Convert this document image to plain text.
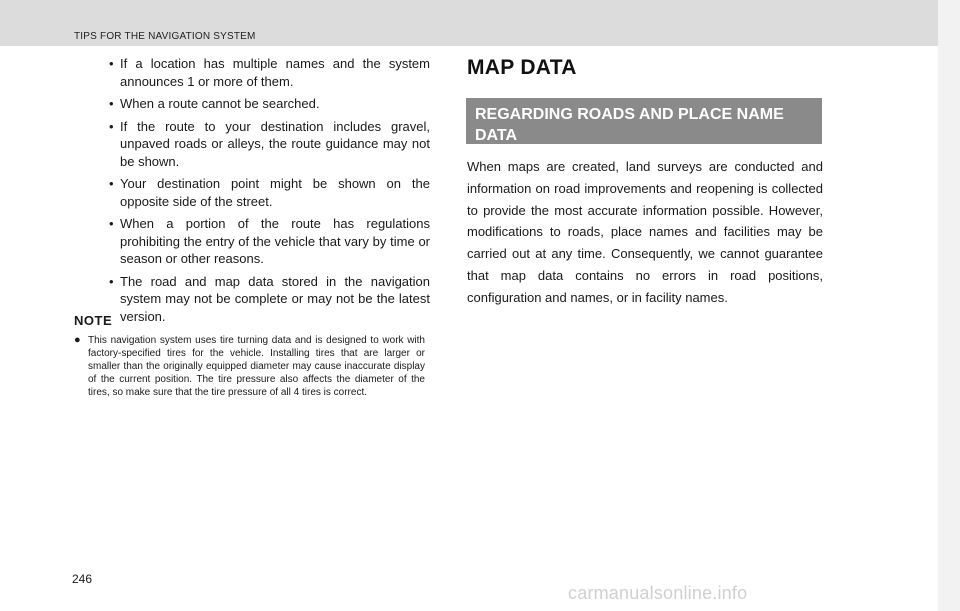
TIPS FOR THE NAVIGATION SYSTEM
• If a location has multiple names and the system announces 1 or more of them.
• When a route cannot be searched.
• If the route to your destination includes gravel, unpaved roads or alleys, the route guidance may not be shown.
• Your destination point might be shown on the opposite side of the street.
• When a portion of the route has regulations prohibiting the entry of the vehicle that vary by time or season or other reasons.
• The road and map data stored in the navigation system may not be complete or may not be the latest version.
NOTE
● This navigation system uses tire turning data and is designed to work with factory-specified tires for the vehicle. Installing tires that are larger or smaller than the originally equipped diameter may cause inaccurate display of the current position. The tire pressure also affects the diameter of the tires, so make sure that the tire pressure of all 4 tires is correct.
MAP DATA
REGARDING ROADS AND PLACE NAME DATA
When maps are created, land surveys are conducted and information on road improvements and reopening is collected to provide the most accurate information possible. However, modifications to roads, place names and facilities may be carried out at any time. Consequently, we cannot guarantee that map data contains no errors in road positions, configuration and names, or in facility names.
246
carmanualsonline.info
